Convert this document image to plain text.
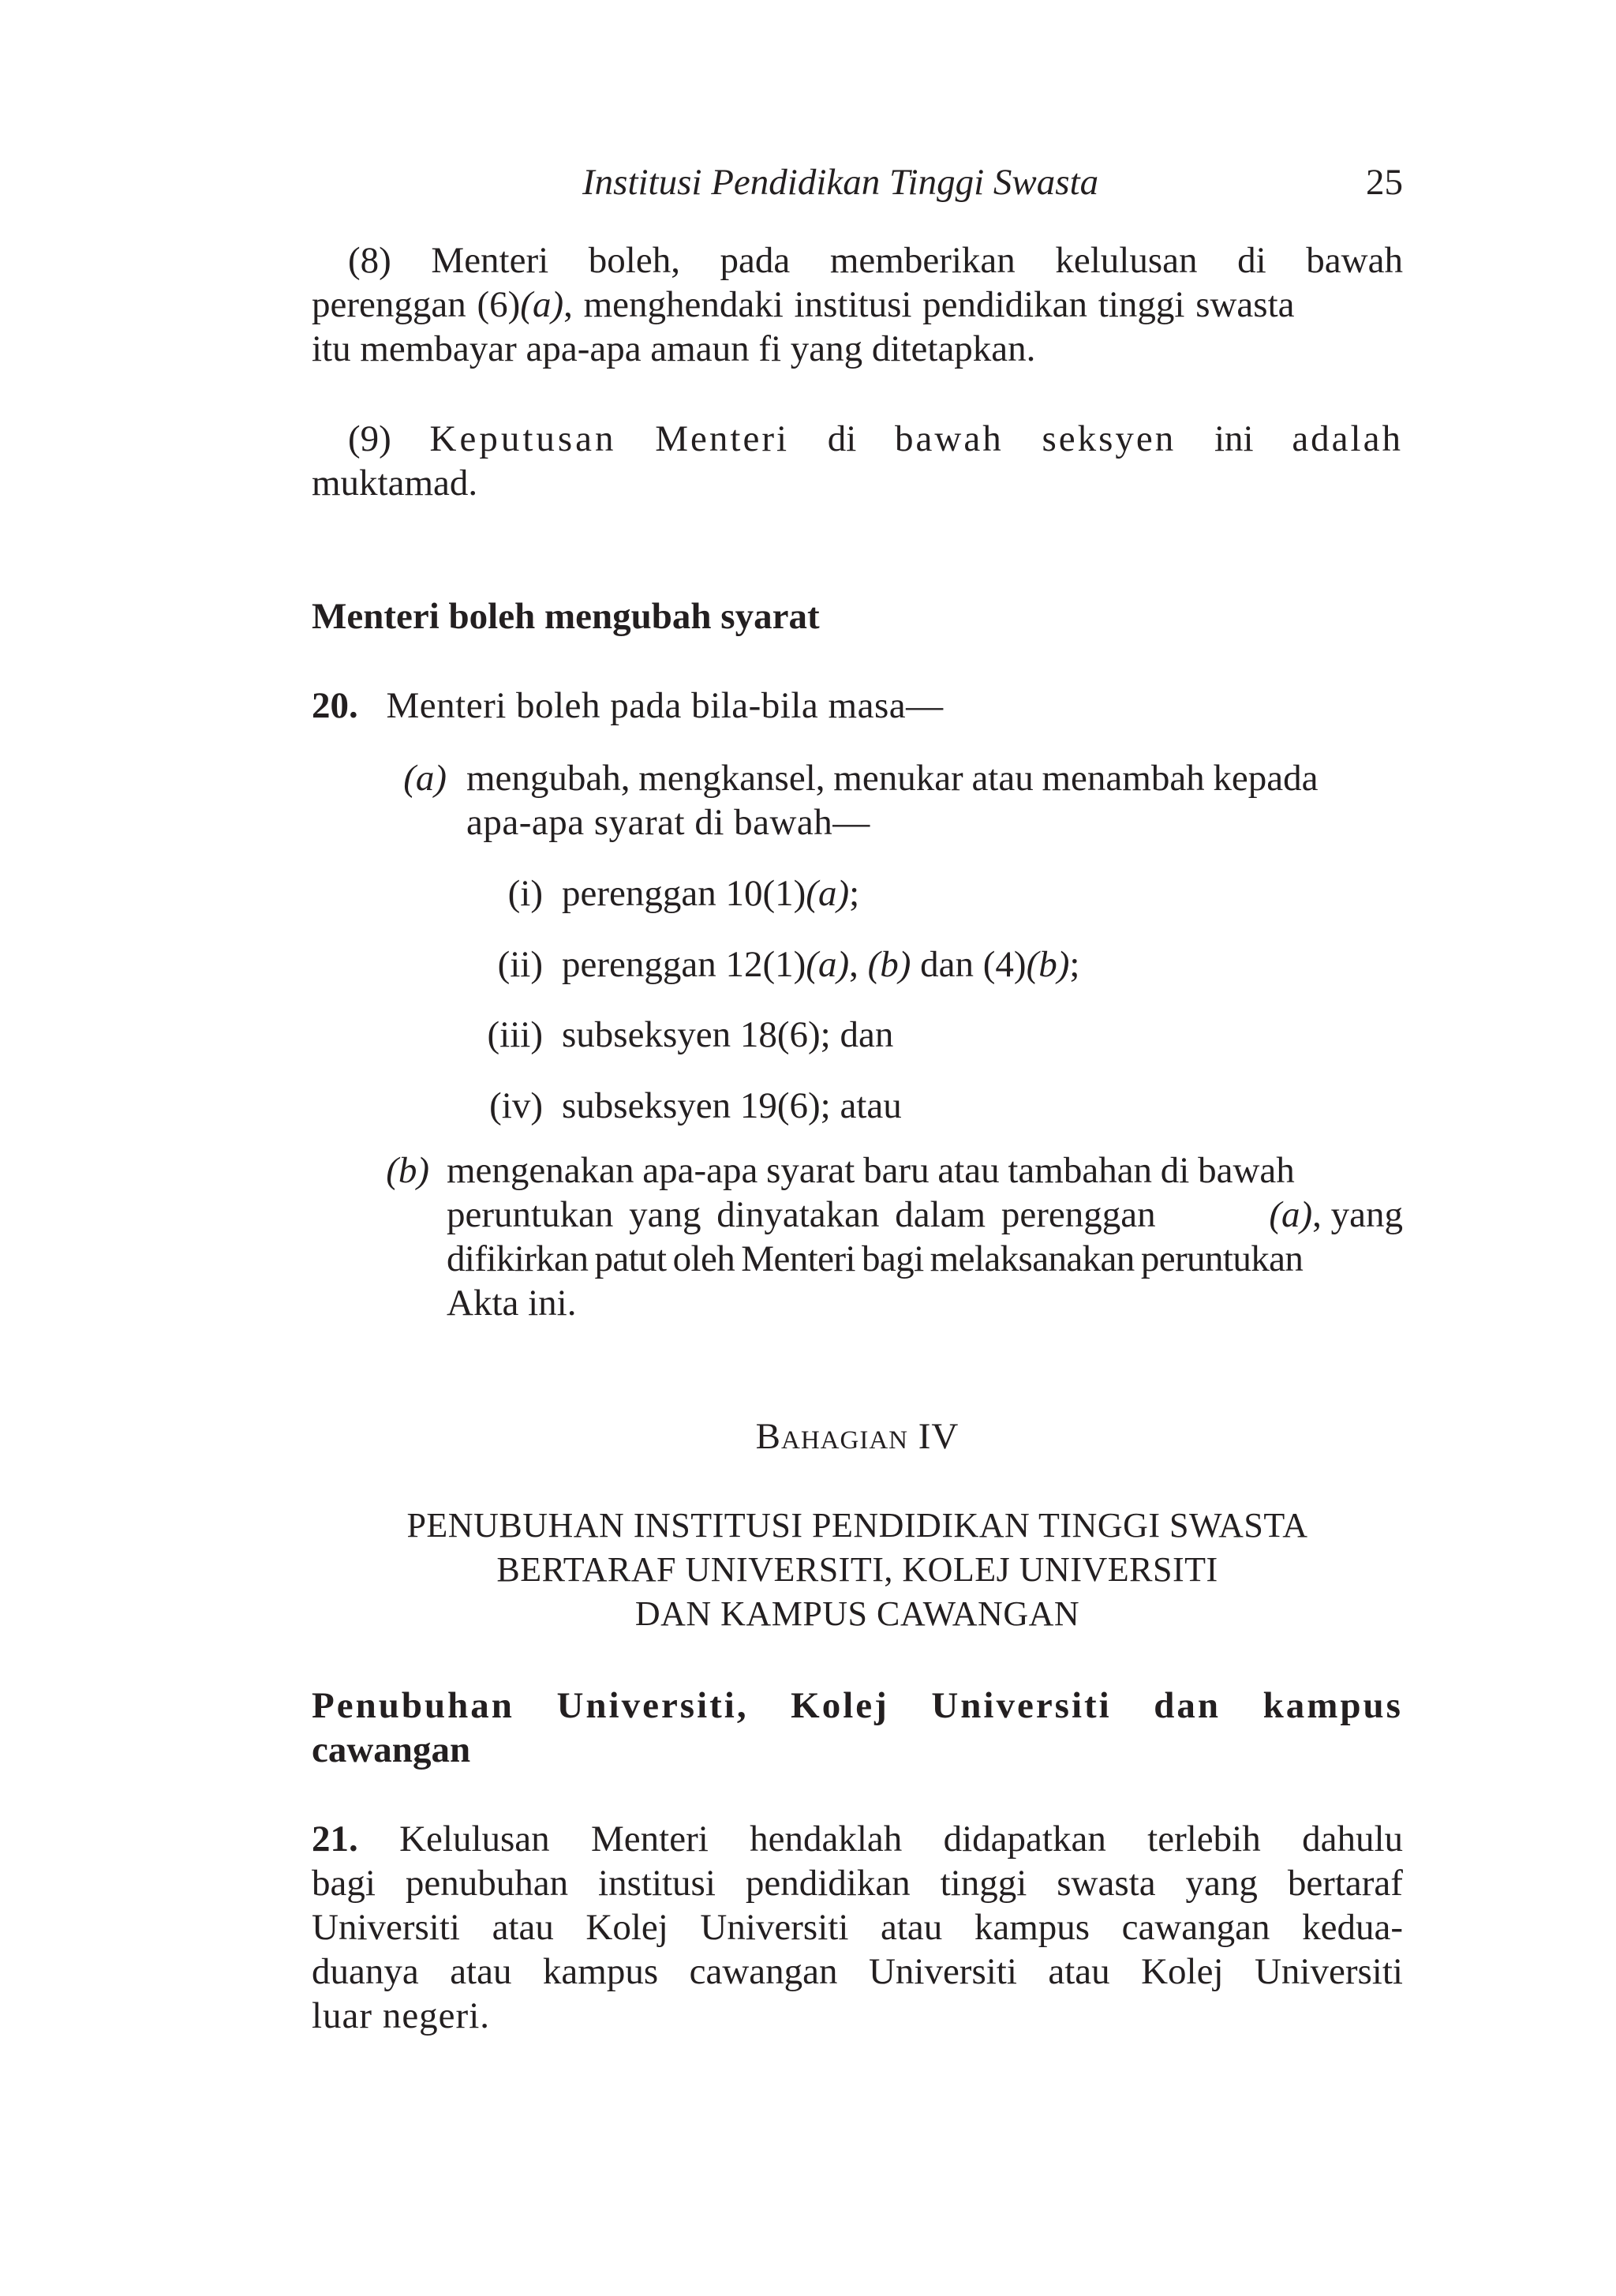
Institusi Pendidikan Tinggi Swasta	25
(8) Menteri boleh, pada memberikan kelulusan di bawah
perenggan (6)(a), menghendaki institusi pendidikan tinggi swasta
itu membayar apa-apa amaun fi yang ditetapkan.
(9) Keputusan Menteri di bawah seksyen ini adalah
muktamad.
Menteri boleh mengubah syarat
20. Menteri boleh pada bila-bila masa—
(a) mengubah, mengkansel, menukar atau menambah kepada
apa-apa syarat di bawah—
(i) perenggan 10(1)(a);
(ii) perenggan 12(1)(a), (b) dan (4)(b);
(iii) subseksyen 18(6); dan
(iv) subseksyen 19(6); atau
(b) mengenakan apa-apa syarat baru atau tambahan di bawah
peruntukan yang dinyatakan dalam perenggan	(a), yang
difikirkan patut oleh Menteri bagi melaksanakan peruntukan
Akta ini.
Bahagian IV
PENUBUHAN INSTITUSI PENDIDIKAN TINGGI SWASTA
BERTARAF UNIVERSITI, KOLEJ UNIVERSITI
DAN KAMPUS CAWANGAN
Penubuhan Universiti, Kolej Universiti dan kampus
cawangan
21. Kelulusan Menteri hendaklah didapatkan terlebih dahulu
bagi penubuhan institusi pendidikan tinggi swasta yang bertaraf
Universiti atau Kolej Universiti atau kampus cawangan kedua-
duanya atau kampus cawangan Universiti atau Kolej Universiti
luar negeri.
